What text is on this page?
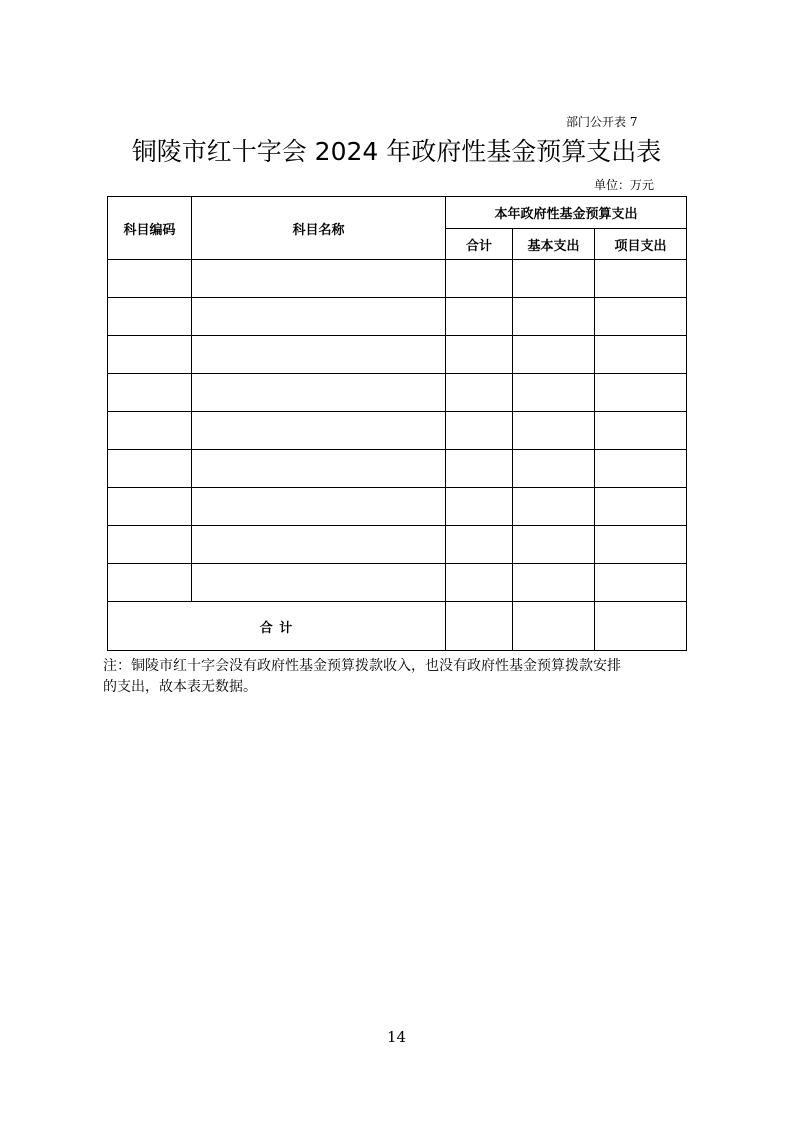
部门公开表 7
铜陵市红十字会 2024 年政府性基金预算支出表
单位：万元
科目编码	科目名称	本年政府性基金预算支出		
		合计	基本支出	项目支出

合 计				

注：铜陵市红十字会没有政府性基金预算拨款收入，也没有政府性基金预算拨款安排

的支出，故本表无数据。

14
